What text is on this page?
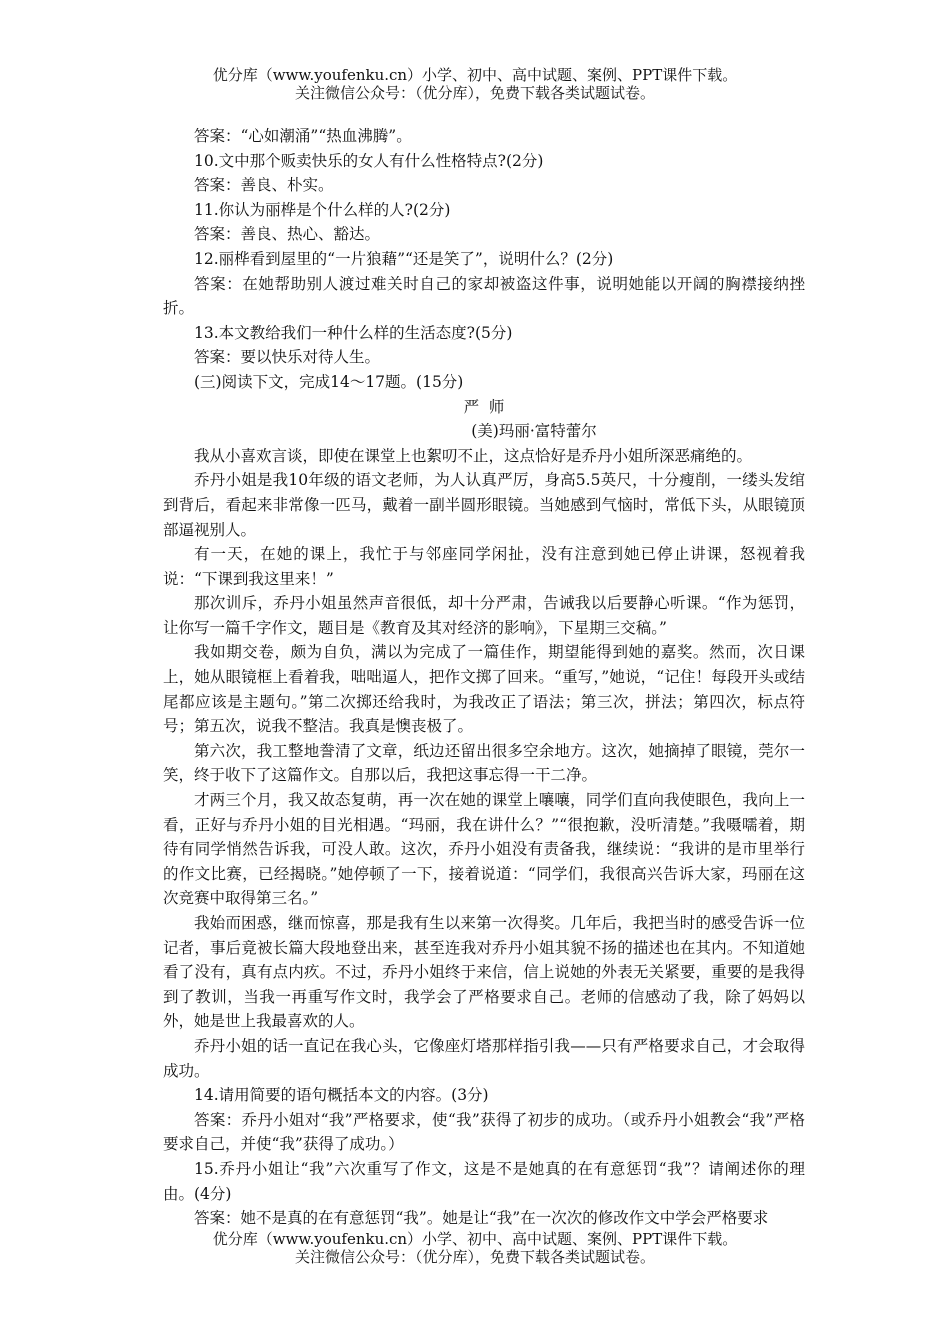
优分库（www.youfenku.cn）小学、初中、高中试题、案例、PPT课件下载。
关注微信公众号：（优分库），免费下载各类试题试卷。

答案：“心如潮涌”“热血沸腾”。

10.文中那个贩卖快乐的女人有什么性格特点?(2分)

答案：善良、朴实。

11.你认为丽桦是个什么样的人?(2分)

答案：善良、热心、豁达。

12.丽桦看到屋里的“一片狼藉”“还是笑了”，说明什么？(2分)

答案：在她帮助别人渡过难关时自己的家却被盗这件事，说明她能以开阔的胸襟接纳挫折。

13.本文教给我们一种什么样的生活态度?(5分)

答案：要以快乐对待人生。

(三)阅读下文，完成14～17题。(15分)

严  师

(美)玛丽·富特蕾尔

我从小喜欢言谈，即使在课堂上也絮叨不止，这点恰好是乔丹小姐所深恶痛绝的。

乔丹小姐是我10年级的语文老师，为人认真严厉，身高5.5英尺，十分瘦削，一缕头发绾到背后，看起来非常像一匹马，戴着一副半圆形眼镜。当她感到气恼时，常低下头，从眼镜顶部逼视别人。

有一天，在她的课上，我忙于与邻座同学闲扯，没有注意到她已停止讲课，怒视着我说：“下课到我这里来！”

那次训斥，乔丹小姐虽然声音很低，却十分严肃，告诫我以后要静心听课。“作为惩罚，让你写一篇千字作文，题目是《教育及其对经济的影响》，下星期三交稿。”

我如期交卷，颇为自负，满以为完成了一篇佳作，期望能得到她的嘉奖。然而，次日课上，她从眼镜框上看着我，咄咄逼人，把作文掷了回来。“重写，”她说，“记住！每段开头或结尾都应该是主题句。”第二次掷还给我时，为我改正了语法；第三次，拼法；第四次，标点符号；第五次，说我不整洁。我真是懊丧极了。

第六次，我工整地誊清了文章，纸边还留出很多空余地方。这次，她摘掉了眼镜，莞尔一笑，终于收下了这篇作文。自那以后，我把这事忘得一干二净。

才两三个月，我又故态复萌，再一次在她的课堂上嚷嚷，同学们直向我使眼色，我向上一看，正好与乔丹小姐的目光相遇。“玛丽，我在讲什么？”“很抱歉，没听清楚。”我嗫嚅着，期待有同学悄然告诉我，可没人敢。这次，乔丹小姐没有责备我，继续说：“我讲的是市里举行的作文比赛，已经揭晓。”她停顿了一下，接着说道：“同学们，我很高兴告诉大家，玛丽在这次竞赛中取得第三名。”

我始而困惑，继而惊喜，那是我有生以来第一次得奖。几年后，我把当时的感受告诉一位记者，事后竟被长篇大段地登出来，甚至连我对乔丹小姐其貌不扬的描述也在其内。不知道她看了没有，真有点内疚。不过，乔丹小姐终于来信，信上说她的外表无关紧要，重要的是我得到了教训，当我一再重写作文时，我学会了严格要求自己。老师的信感动了我，除了妈妈以外，她是世上我最喜欢的人。

乔丹小姐的话一直记在我心头，它像座灯塔那样指引我——只有严格要求自己，才会取得成功。

14.请用简要的语句概括本文的内容。(3分)

答案：乔丹小姐对“我”严格要求，使“我”获得了初步的成功。（或乔丹小姐教会“我”严格要求自己，并使“我”获得了成功。）

15.乔丹小姐让“我”六次重写了作文，这是不是她真的在有意惩罚“我”？请阐述你的理由。(4分)

答案：她不是真的在有意惩罚“我”。她是让“我”在一次次的修改作文中学会严格要求

优分库（www.youfenku.cn）小学、初中、高中试题、案例、PPT课件下载。
关注微信公众号：（优分库），免费下载各类试题试卷。
